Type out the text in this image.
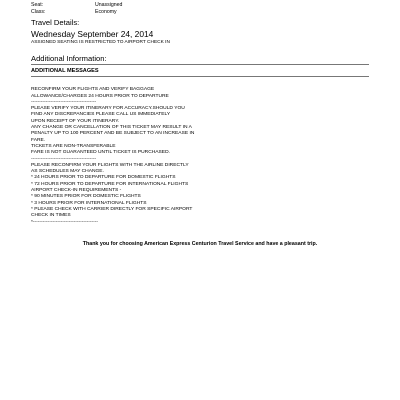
Seat:	Unassigned
Class:	Economy
Travel Details:
Wednesday September 24, 2014
ASSIGNED SEATING IS RESTRICTED TO AIRPORT CHECK IN
Additional Information:
ADDITIONAL MESSAGES
RECONFIRM YOUR FLIGHTS AND VERIFY BAGGAGE
ALLOWANCE/CHARGES 24 HOURS PRIOR TO DEPARTURE
----------------------------------------
PLEASE VERIFY YOUR ITINERARY FOR ACCURACY.SHOULD YOU
FIND ANY DISCREPANCIES PLEASE CALL US IMMEDIATELY
UPON RECEIPT OF YOUR ITINERARY.
ANY CHANGE OR CANCELLATION OF THIS TICKET MAY RESULT IN A
PENALTY UP TO 100 PERCENT AND BE SUBJECT TO AN INCREASE IN
FARE.
TICKETS ARE NON-TRANSFERABLE
FARE IS NOT GUARANTEED UNTIL TICKET IS PURCHASED.
----------------------------------------
PLEASE RECONFIRM YOUR FLIGHTS WITH THE AIRLINE DIRECTLY
AS SCHEDULES MAY CHANGE.
* 24 HOURS PRIOR TO DEPARTURE FOR DOMESTIC FLIGHTS
* 72 HOURS PRIOR TO DEPARTURE FOR INTERNATIONAL FLIGHTS
AIRPORT CHECK-IN REQUIREMENTS -
* 90 MINUTES PRIOR FOR DOMESTIC FLIGHTS
* 3 HOURS PRIOR FOR INTERNATIONAL FLIGHTS
* PLEASE CHECK WITH CARRIER DIRECTLY FOR SPECIFIC AIRPORT
CHECK IN TIMES
*----------------------------------------
Thank you for choosing American Express Centurion Travel Service and have a pleasant trip.
